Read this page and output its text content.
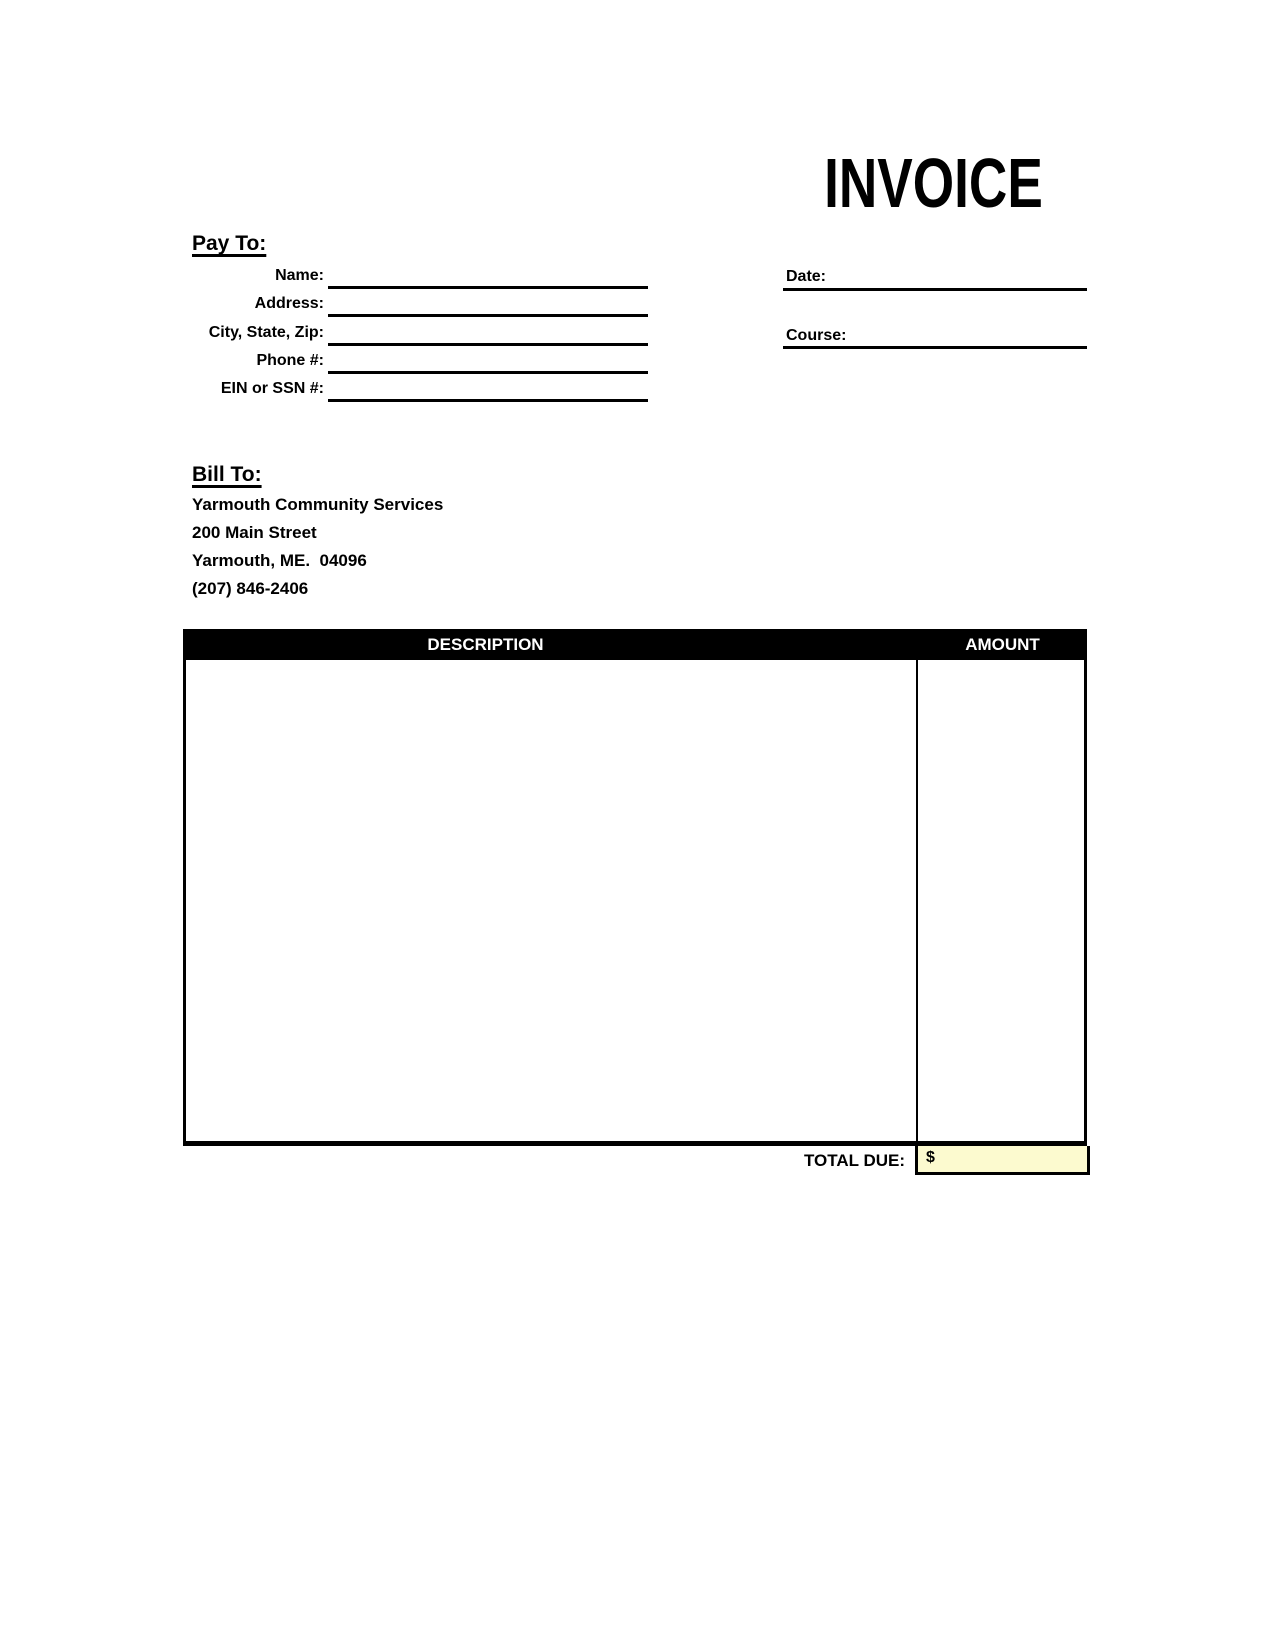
INVOICE
Pay To:
Name:
Address:
City, State, Zip:
Phone #:
EIN or SSN #:
Date:
Course:
Bill To:
Yarmouth Community Services
200 Main Street
Yarmouth, ME.  04096
(207) 846-2406
DESCRIPTION	AMOUNT
TOTAL DUE:	$
